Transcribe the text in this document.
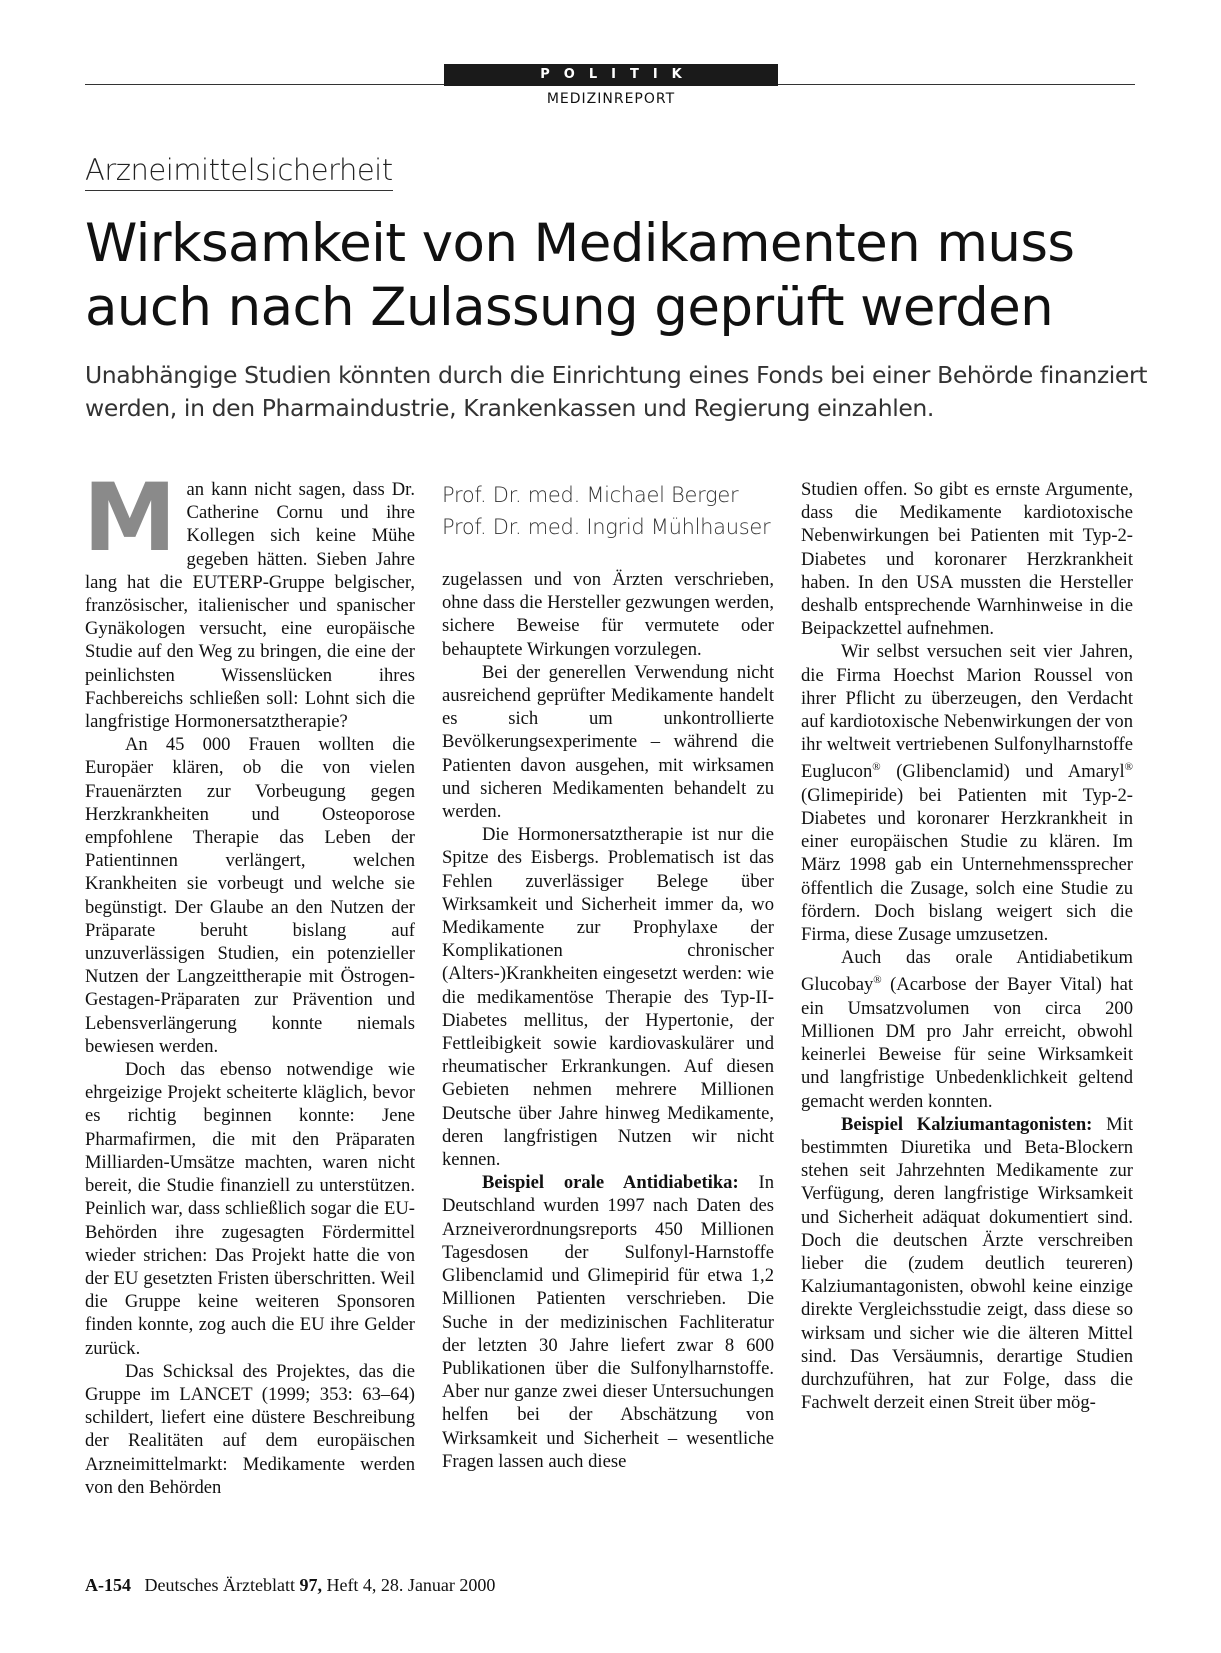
POLITIK
MEDIZINREPORT
Arzneimittelsicherheit
Wirksamkeit von Medikamenten muss auch nach Zulassung geprüft werden
Unabhängige Studien könnten durch die Einrichtung eines Fonds bei einer Behörde finanziert werden, in den Pharmaindustrie, Krankenkassen und Regierung einzahlen.

Man kann nicht sagen, dass Dr. Catherine Cornu und ihre Kollegen sich keine Mühe gegeben hätten. Sieben Jahre lang hat die EUTERP-Gruppe belgischer, französischer, italienischer und spanischer Gynäkologen versucht, eine europäische Studie auf den Weg zu bringen, die eine der peinlichsten Wissenslücken ihres Fachbereichs schließen soll: Lohnt sich die langfristige Hormonersatztherapie?

An 45 000 Frauen wollten die Europäer klären, ob die von vielen Frauenärzten zur Vorbeugung gegen Herzkrankheiten und Osteoporose empfohlene Therapie das Leben der Patientinnen verlängert, welchen Krankheiten sie vorbeugt und welche sie begünstigt. Der Glaube an den Nutzen der Präparate beruht bislang auf unzuverlässigen Studien, ein potenzieller Nutzen der Langzeittherapie mit Östrogen-Gestagen-Präparaten zur Prävention und Lebensverlängerung konnte niemals bewiesen werden.

Doch das ebenso notwendige wie ehrgeizige Projekt scheiterte kläglich, bevor es richtig beginnen konnte: Jene Pharmafirmen, die mit den Präparaten Milliarden-Umsätze machten, waren nicht bereit, die Studie finanziell zu unterstützen. Peinlich war, dass schließlich sogar die EU-Behörden ihre zugesagten Fördermittel wieder strichen: Das Projekt hatte die von der EU gesetzten Fristen überschritten. Weil die Gruppe keine weiteren Sponsoren finden konnte, zog auch die EU ihre Gelder zurück.

Das Schicksal des Projektes, das die Gruppe im LANCET (1999; 353: 63–64) schildert, liefert eine düstere Beschreibung der Realitäten auf dem europäischen Arzneimittelmarkt: Medikamente werden von den Behörden

Prof. Dr. med. Michael Berger
Prof. Dr. med. Ingrid Mühlhauser

zugelassen und von Ärzten verschrieben, ohne dass die Hersteller gezwungen werden, sichere Beweise für vermutete oder behauptete Wirkungen vorzulegen.

Bei der generellen Verwendung nicht ausreichend geprüfter Medikamente handelt es sich um unkontrollierte Bevölkerungsexperimente – während die Patienten davon ausgehen, mit wirksamen und sicheren Medikamenten behandelt zu werden.

Die Hormonersatztherapie ist nur die Spitze des Eisbergs. Problematisch ist das Fehlen zuverlässiger Belege über Wirksamkeit und Sicherheit immer da, wo Medikamente zur Prophylaxe der Komplikationen chronischer (Alters-)Krankheiten eingesetzt werden: wie die medikamentöse Therapie des Typ-II-Diabetes mellitus, der Hypertonie, der Fettleibigkeit sowie kardiovaskulärer und rheumatischer Erkrankungen. Auf diesen Gebieten nehmen mehrere Millionen Deutsche über Jahre hinweg Medikamente, deren langfristigen Nutzen wir nicht kennen.

Beispiel orale Antidiabetika: In Deutschland wurden 1997 nach Daten des Arzneiverordnungsreports 450 Millionen Tagesdosen der Sulfonyl-Harnstoffe Glibenclamid und Glimepirid für etwa 1,2 Millionen Patienten verschrieben. Die Suche in der medizinischen Fachliteratur der letzten 30 Jahre liefert zwar 8 600 Publikationen über die Sulfonylharnstoffe. Aber nur ganze zwei dieser Untersuchungen helfen bei der Abschätzung von Wirksamkeit und Sicherheit – wesentliche Fragen lassen auch diese

Studien offen. So gibt es ernste Argumente, dass die Medikamente kardiotoxische Nebenwirkungen bei Patienten mit Typ-2-Diabetes und koronarer Herzkrankheit haben. In den USA mussten die Hersteller deshalb entsprechende Warnhinweise in die Beipackzettel aufnehmen.

Wir selbst versuchen seit vier Jahren, die Firma Hoechst Marion Roussel von ihrer Pflicht zu überzeugen, den Verdacht auf kardiotoxische Nebenwirkungen der von ihr weltweit vertriebenen Sulfonylharnstoffe Euglucon® (Glibenclamid) und Amaryl® (Glimepiride) bei Patienten mit Typ-2-Diabetes und koronarer Herzkrankheit in einer europäischen Studie zu klären. Im März 1998 gab ein Unternehmenssprecher öffentlich die Zusage, solch eine Studie zu fördern. Doch bislang weigert sich die Firma, diese Zusage umzusetzen.

Auch das orale Antidiabetikum Glucobay® (Acarbose der Bayer Vital) hat ein Umsatzvolumen von circa 200 Millionen DM pro Jahr erreicht, obwohl keinerlei Beweise für seine Wirksamkeit und langfristige Unbedenklichkeit geltend gemacht werden konnten.

Beispiel Kalziumantagonisten: Mit bestimmten Diuretika und Beta-Blockern stehen seit Jahrzehnten Medikamente zur Verfügung, deren langfristige Wirksamkeit und Sicherheit adäquat dokumentiert sind. Doch die deutschen Ärzte verschreiben lieber die (zudem deutlich teureren) Kalziumantagonisten, obwohl keine einzige direkte Vergleichsstudie zeigt, dass diese so wirksam und sicher wie die älteren Mittel sind. Das Versäumnis, derartige Studien durchzuführen, hat zur Folge, dass die Fachwelt derzeit einen Streit über mög-

A-154 Deutsches Ärzteblatt 97, Heft 4, 28. Januar 2000
